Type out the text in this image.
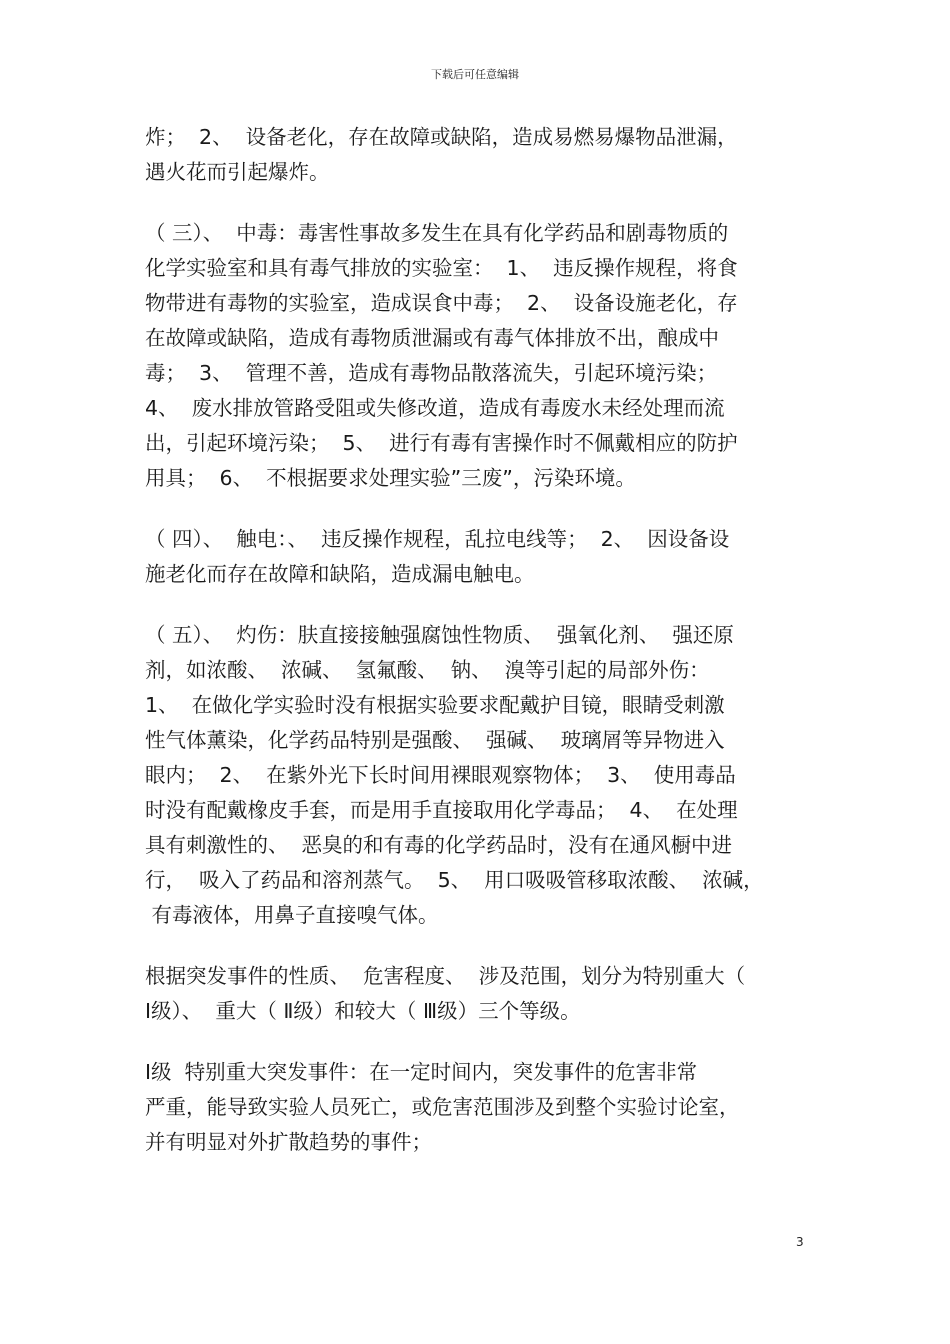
下载后可任意编辑
炸；  2、  设备老化，存在故障或缺陷，造成易燃易爆物品泄漏，
遇火花而引起爆炸。
（ 三）、  中毒：毒害性事故多发生在具有化学药品和剧毒物质的
化学实验室和具有毒气排放的实验室：  1、  违反操作规程，将食
物带进有毒物的实验室，造成误食中毒；  2、  设备设施老化，存
在故障或缺陷，造成有毒物质泄漏或有毒气体排放不出，酿成中
毒；  3、  管理不善，造成有毒物品散落流失，引起环境污染；
4、  废水排放管路受阻或失修改道，造成有毒废水未经处理而流
出，引起环境污染；  5、  进行有毒有害操作时不佩戴相应的防护
用具；  6、  不根据要求处理实验”三废”，污染环境。
（ 四）、  触电：、  违反操作规程，乱拉电线等；  2、  因设备设
施老化而存在故障和缺陷，造成漏电触电。
（ 五）、  灼伤：肤直接接触强腐蚀性物质、  强氧化剂、  强还原
剂，如浓酸、  浓碱、  氢氟酸、  钠、  溴等引起的局部外伤：
1、  在做化学实验时没有根据实验要求配戴护目镜，眼睛受刺激
性气体薰染，化学药品特别是强酸、  强碱、  玻璃屑等异物进入
眼内；  2、  在紫外光下长时间用裸眼观察物体；  3、  使用毒品
时没有配戴橡皮手套，而是用手直接取用化学毒品；  4、  在处理
具有刺激性的、  恶臭的和有毒的化学药品时，没有在通风橱中进
行，  吸入了药品和溶剂蒸气。  5、  用口吸吸管移取浓酸、  浓碱，
有毒液体，用鼻子直接嗅气体。
根据突发事件的性质、  危害程度、  涉及范围，划分为特别重大（
Ⅰ级）、  重大（ Ⅱ级）和较大（ Ⅲ级）三个等级。
Ⅰ级  特别重大突发事件：在一定时间内，突发事件的危害非常
严重，能导致实验人员死亡，或危害范围涉及到整个实验讨论室，
并有明显对外扩散趋势的事件；
3
